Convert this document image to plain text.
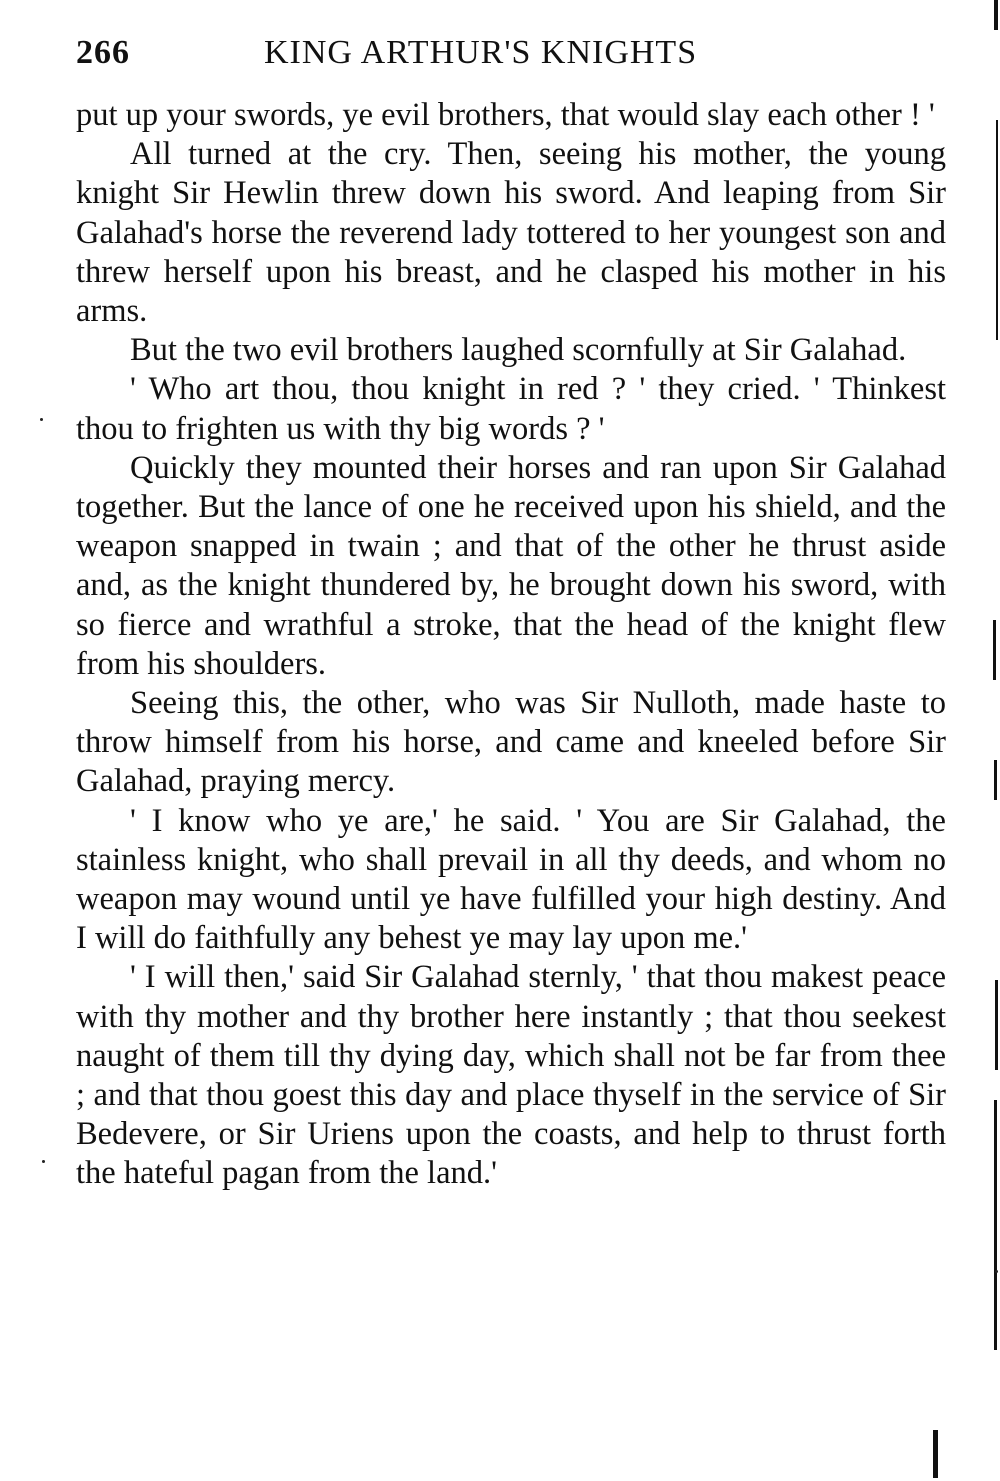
266	KING ARTHUR'S KNIGHTS

put up your swords, ye evil brothers, that would slay each other ! '

All turned at the cry. Then, seeing his mother, the young knight Sir Hewlin threw down his sword. And leaping from Sir Galahad's horse the reverend lady tottered to her youngest son and threw herself upon his breast, and he clasped his mother in his arms.

But the two evil brothers laughed scornfully at Sir Galahad.

' Who art thou, thou knight in red ? ' they cried. ' Thinkest thou to frighten us with thy big words ? '

Quickly they mounted their horses and ran upon Sir Galahad together. But the lance of one he received upon his shield, and the weapon snapped in twain ; and that of the other he thrust aside and, as the knight thundered by, he brought down his sword, with so fierce and wrathful a stroke, that the head of the knight flew from his shoulders.

Seeing this, the other, who was Sir Nulloth, made haste to throw himself from his horse, and came and kneeled before Sir Galahad, praying mercy.

' I know who ye are,' he said. ' You are Sir Galahad, the stainless knight, who shall prevail in all thy deeds, and whom no weapon may wound until ye have fulfilled your high destiny. And I will do faithfully any behest ye may lay upon me.'

' I will then,' said Sir Galahad sternly, ' that thou makest peace with thy mother and thy brother here instantly ; that thou seekest naught of them till thy dying day, which shall not be far from thee ; and that thou goest this day and place thyself in the service of Sir Bedevere, or Sir Uriens upon the coasts, and help to thrust forth the hateful pagan from the land.'
